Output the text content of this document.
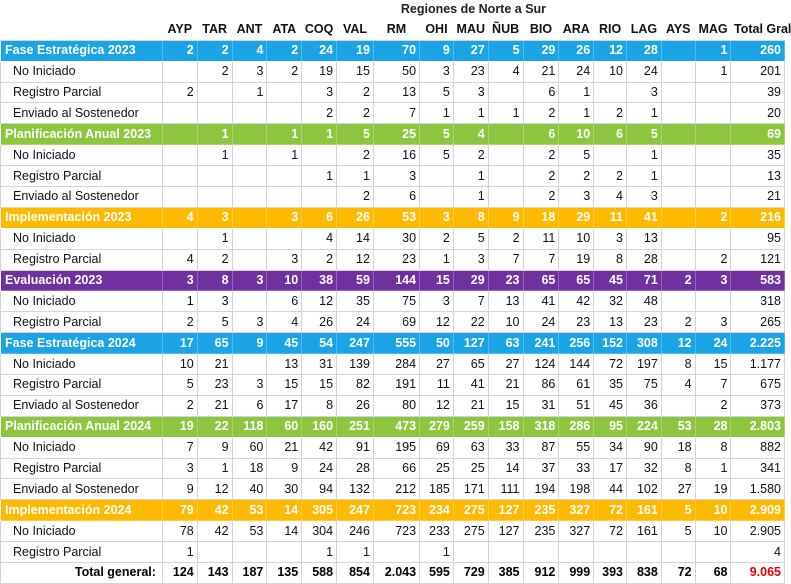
	Regiones de Norte a Sur																
	AYP	TAR	ANT	ATA	COQ	VAL	RM	OHI	MAU	ÑUB	BIO	ARA	RIO	LAG	AYS	MAG	Total Gral
Fase Estratégica 2023	2	2	4	2	24	19	70	9	27	5	29	26	12	28		1	260
No Iniciado		2	3	2	19	15	50	3	23	4	21	24	10	24		1	201
Registro Parcial	2		1		3	2	13	5	3		6	1		3			39
Enviado al Sostenedor					2	2	7	1	1	1	2	1	2	1			20
Planificación Anual 2023		1		1	1	5	25	5	4		6	10	6	5			69
No Iniciado		1		1		2	16	5	2		2	5		1			35
Registro Parcial					1	1	3		1		2	2	2	1			13
Enviado al Sostenedor						2	6		1		2	3	4	3			21
Implementación 2023	4	3		3	6	26	53	3	8	9	18	29	11	41		2	216
No Iniciado		1			4	14	30	2	5	2	11	10	3	13			95
Registro Parcial	4	2		3	2	12	23	1	3	7	7	19	8	28		2	121
Evaluación 2023	3	8	3	10	38	59	144	15	29	23	65	65	45	71	2	3	583
No Iniciado	1	3		6	12	35	75	3	7	13	41	42	32	48			318
Registro Parcial	2	5	3	4	26	24	69	12	22	10	24	23	13	23	2	3	265
Fase Estratégica 2024	17	65	9	45	54	247	555	50	127	63	241	256	152	308	12	24	2.225
No Iniciado	10	21		13	31	139	284	27	65	27	124	144	72	197	8	15	1.177
Registro Parcial	5	23	3	15	15	82	191	11	41	21	86	61	35	75	4	7	675
Enviado al Sostenedor	2	21	6	17	8	26	80	12	21	15	31	51	45	36		2	373
Planificación Anual 2024	19	22	118	60	160	251	473	279	259	158	318	286	95	224	53	28	2.803
No Iniciado	7	9	60	21	42	91	195	69	63	33	87	55	34	90	18	8	882
Registro Parcial	3	1	18	9	24	28	66	25	25	14	37	33	17	32	8	1	341
Enviado al Sostenedor	9	12	40	30	94	132	212	185	171	111	194	198	44	102	27	19	1.580
Implementación 2024	79	42	53	14	305	247	723	234	275	127	235	327	72	161	5	10	2.909
No Iniciado	78	42	53	14	304	246	723	233	275	127	235	327	72	161	5	10	2.905
Registro Parcial	1				1	1		1									4
Total general:	124	143	187	135	588	854	2.043	595	729	385	912	999	393	838	72	68	9.065
